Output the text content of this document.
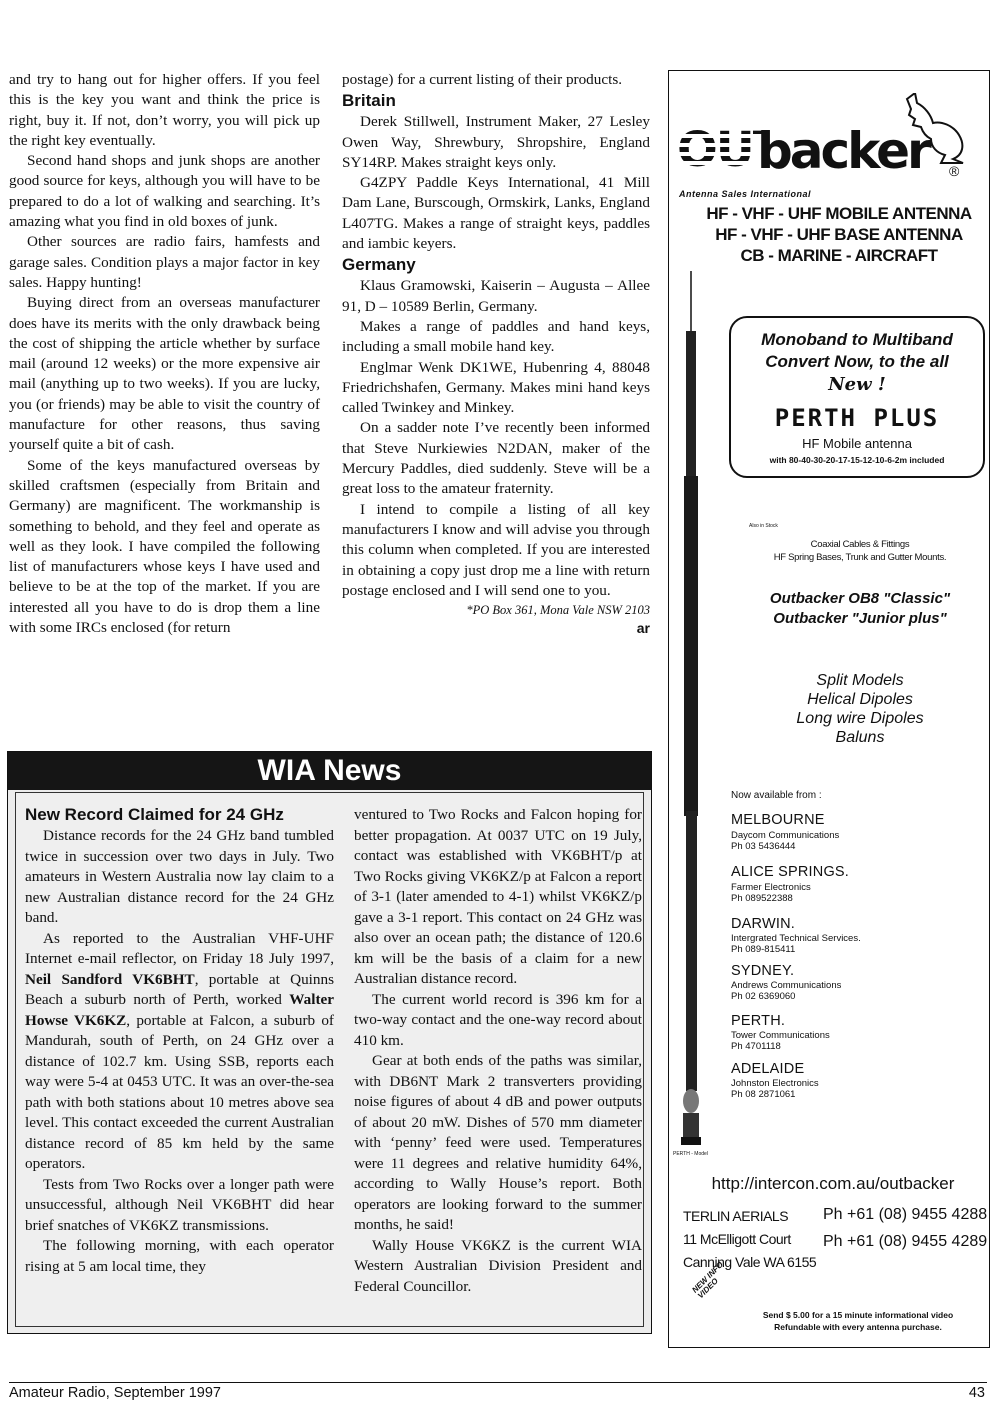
and try to hang out for higher offers. If you feel this is the key you want and think the price is right, buy it. If not, don’t worry, you will pick up the right key eventually.

Second hand shops and junk shops are another good source for keys, although you will have to be prepared to do a lot of walking and searching. It’s amazing what you find in old boxes of junk.

Other sources are radio fairs, hamfests and garage sales. Condition plays a major factor in key sales. Happy hunting!

Buying direct from an overseas manufacturer does have its merits with the only drawback being the cost of shipping the article whether by surface mail (around 12 weeks) or the more expensive air mail (anything up to two weeks). If you are lucky, you (or friends) may be able to visit the country of manufacture for other reasons, thus saving yourself quite a bit of cash.

Some of the keys manufactured overseas by skilled craftsmen (especially from Britain and Germany) are magnificent. The workmanship is something to behold, and they feel and operate as well as they look. I have compiled the following list of manufacturers whose keys I have used and believe to be at the top of the market. If you are interested all you have to do is drop them a line with some IRCs enclosed (for return

postage) for a current listing of their products.

Britain

Derek Stillwell, Instrument Maker, 27 Lesley Owen Way, Shrewbury, Shropshire, England SY14RP. Makes straight keys only.

G4ZPY Paddle Keys International, 41 Mill Dam Lane, Burscough, Ormskirk, Lanks, England L407TG. Makes a range of straight keys, paddles and iambic keyers.

Germany

Klaus Gramowski, Kaiserin – Augusta – Allee 91, D – 10589 Berlin, Germany.

Makes a range of paddles and hand keys, including a small mobile hand key.

Englmar Wenk DK1WE, Hubenring 4, 88048 Friedrichshafen, Germany. Makes mini hand keys called Twinkey and Minkey.

On a sadder note I’ve recently been informed that Steve Nurkiewies N2DAN, maker of the Mercury Paddles, died suddenly. Steve will be a great loss to the amateur fraternity.

I intend to compile a listing of all key manufacturers I know and will advise you through this column when completed. If you are interested in obtaining a copy just drop me a line with return postage enclosed and I will send one to you.

*PO Box 361, Mona Vale NSW 2103

ar

WIA News

New Record Claimed for 24 GHz

Distance records for the 24 GHz band tumbled twice in succession over two days in July. Two amateurs in Western Australia now lay claim to a new Australian distance record for the 24 GHz band.

As reported to the Australian VHF-UHF Internet e-mail reflector, on Friday 18 July 1997, Neil Sandford VK6BHT, portable at Quinns Beach a suburb north of Perth, worked Walter Howse VK6KZ, portable at Falcon, a suburb of Mandurah, south of Perth, on 24 GHz over a distance of 102.7 km. Using SSB, reports each way were 5-4 at 0453 UTC. It was an over-the-sea path with both stations about 10 metres above sea level. This contact exceeded the current Australian distance record of 85 km held by the same operators.

Tests from Two Rocks over a longer path were unsuccessful, although Neil VK6BHT did hear brief snatches of VK6KZ transmissions.

The following morning, with each operator rising at 5 am local time, they

ventured to Two Rocks and Falcon hoping for better propagation. At 0037 UTC on 19 July, contact was established with VK6BHT/p at Two Rocks giving VK6KZ/p at Falcon a report of 3-1 (later amended to 4-1) whilst VK6KZ/p gave a 3-1 report. This contact on 24 GHz was also over an ocean path; the distance of 120.6 km will be the basis of a claim for a new Australian distance record.

The current world record is 396 km for a two-way contact and the one-way record about 410 km.

Gear at both ends of the paths was similar, with DB6NT Mark 2 transverters providing noise figures of about 4 dB and power outputs of about 20 mW. Dishes of 570 mm diameter with ‘penny’ feed were used. Temperatures were 11 degrees and relative humidity 64%, according to Wally House’s report. Both operators are looking forward to the summer months, he said!

Wally House VK6KZ is the current WIA Western Australian Division President and Federal Councillor.

OUT
backer ®
Antenna Sales International
HF - VHF - UHF MOBILE ANTENNA
HF - VHF - UHF BASE ANTENNA
CB - MARINE - AIRCRAFT
Monoband to Multiband
Convert Now, to the all
New !
PERTH PLUS
HF Mobile antenna
with 80-40-30-20-17-15-12-10-6-2m included
Also in Stock
Coaxial Cables & Fittings
HF Spring Bases, Trunk and Gutter Mounts.
Outbacker OB8 "Classic"
Outbacker "Junior plus"
Split Models
Helical Dipoles
Long wire Dipoles
Baluns
Now available from :
MELBOURNE
Daycom Communications
Ph 03 5436444
ALICE SPRINGS.
Farmer Electronics
Ph 089522388
DARWIN.
Intergrated Technical Services.
Ph 089-815411
SYDNEY.
Andrews Communications
Ph 02 6369060
PERTH.
Tower Communications
Ph 4701118
ADELAIDE
Johnston Electronics
Ph 08 2871061
PERTH - Model
http://intercon.com.au/outbacker
TERLIN AERIALS
11 McElligott Court
Canning Vale WA 6155
Ph +61 (08) 9455 4288
Ph +61 (08) 9455 4289
NEW INFO VIDEO
Send $ 5.00 for a 15 minute informational video
Refundable with every antenna purchase.
Amateur Radio, September 1997	43
